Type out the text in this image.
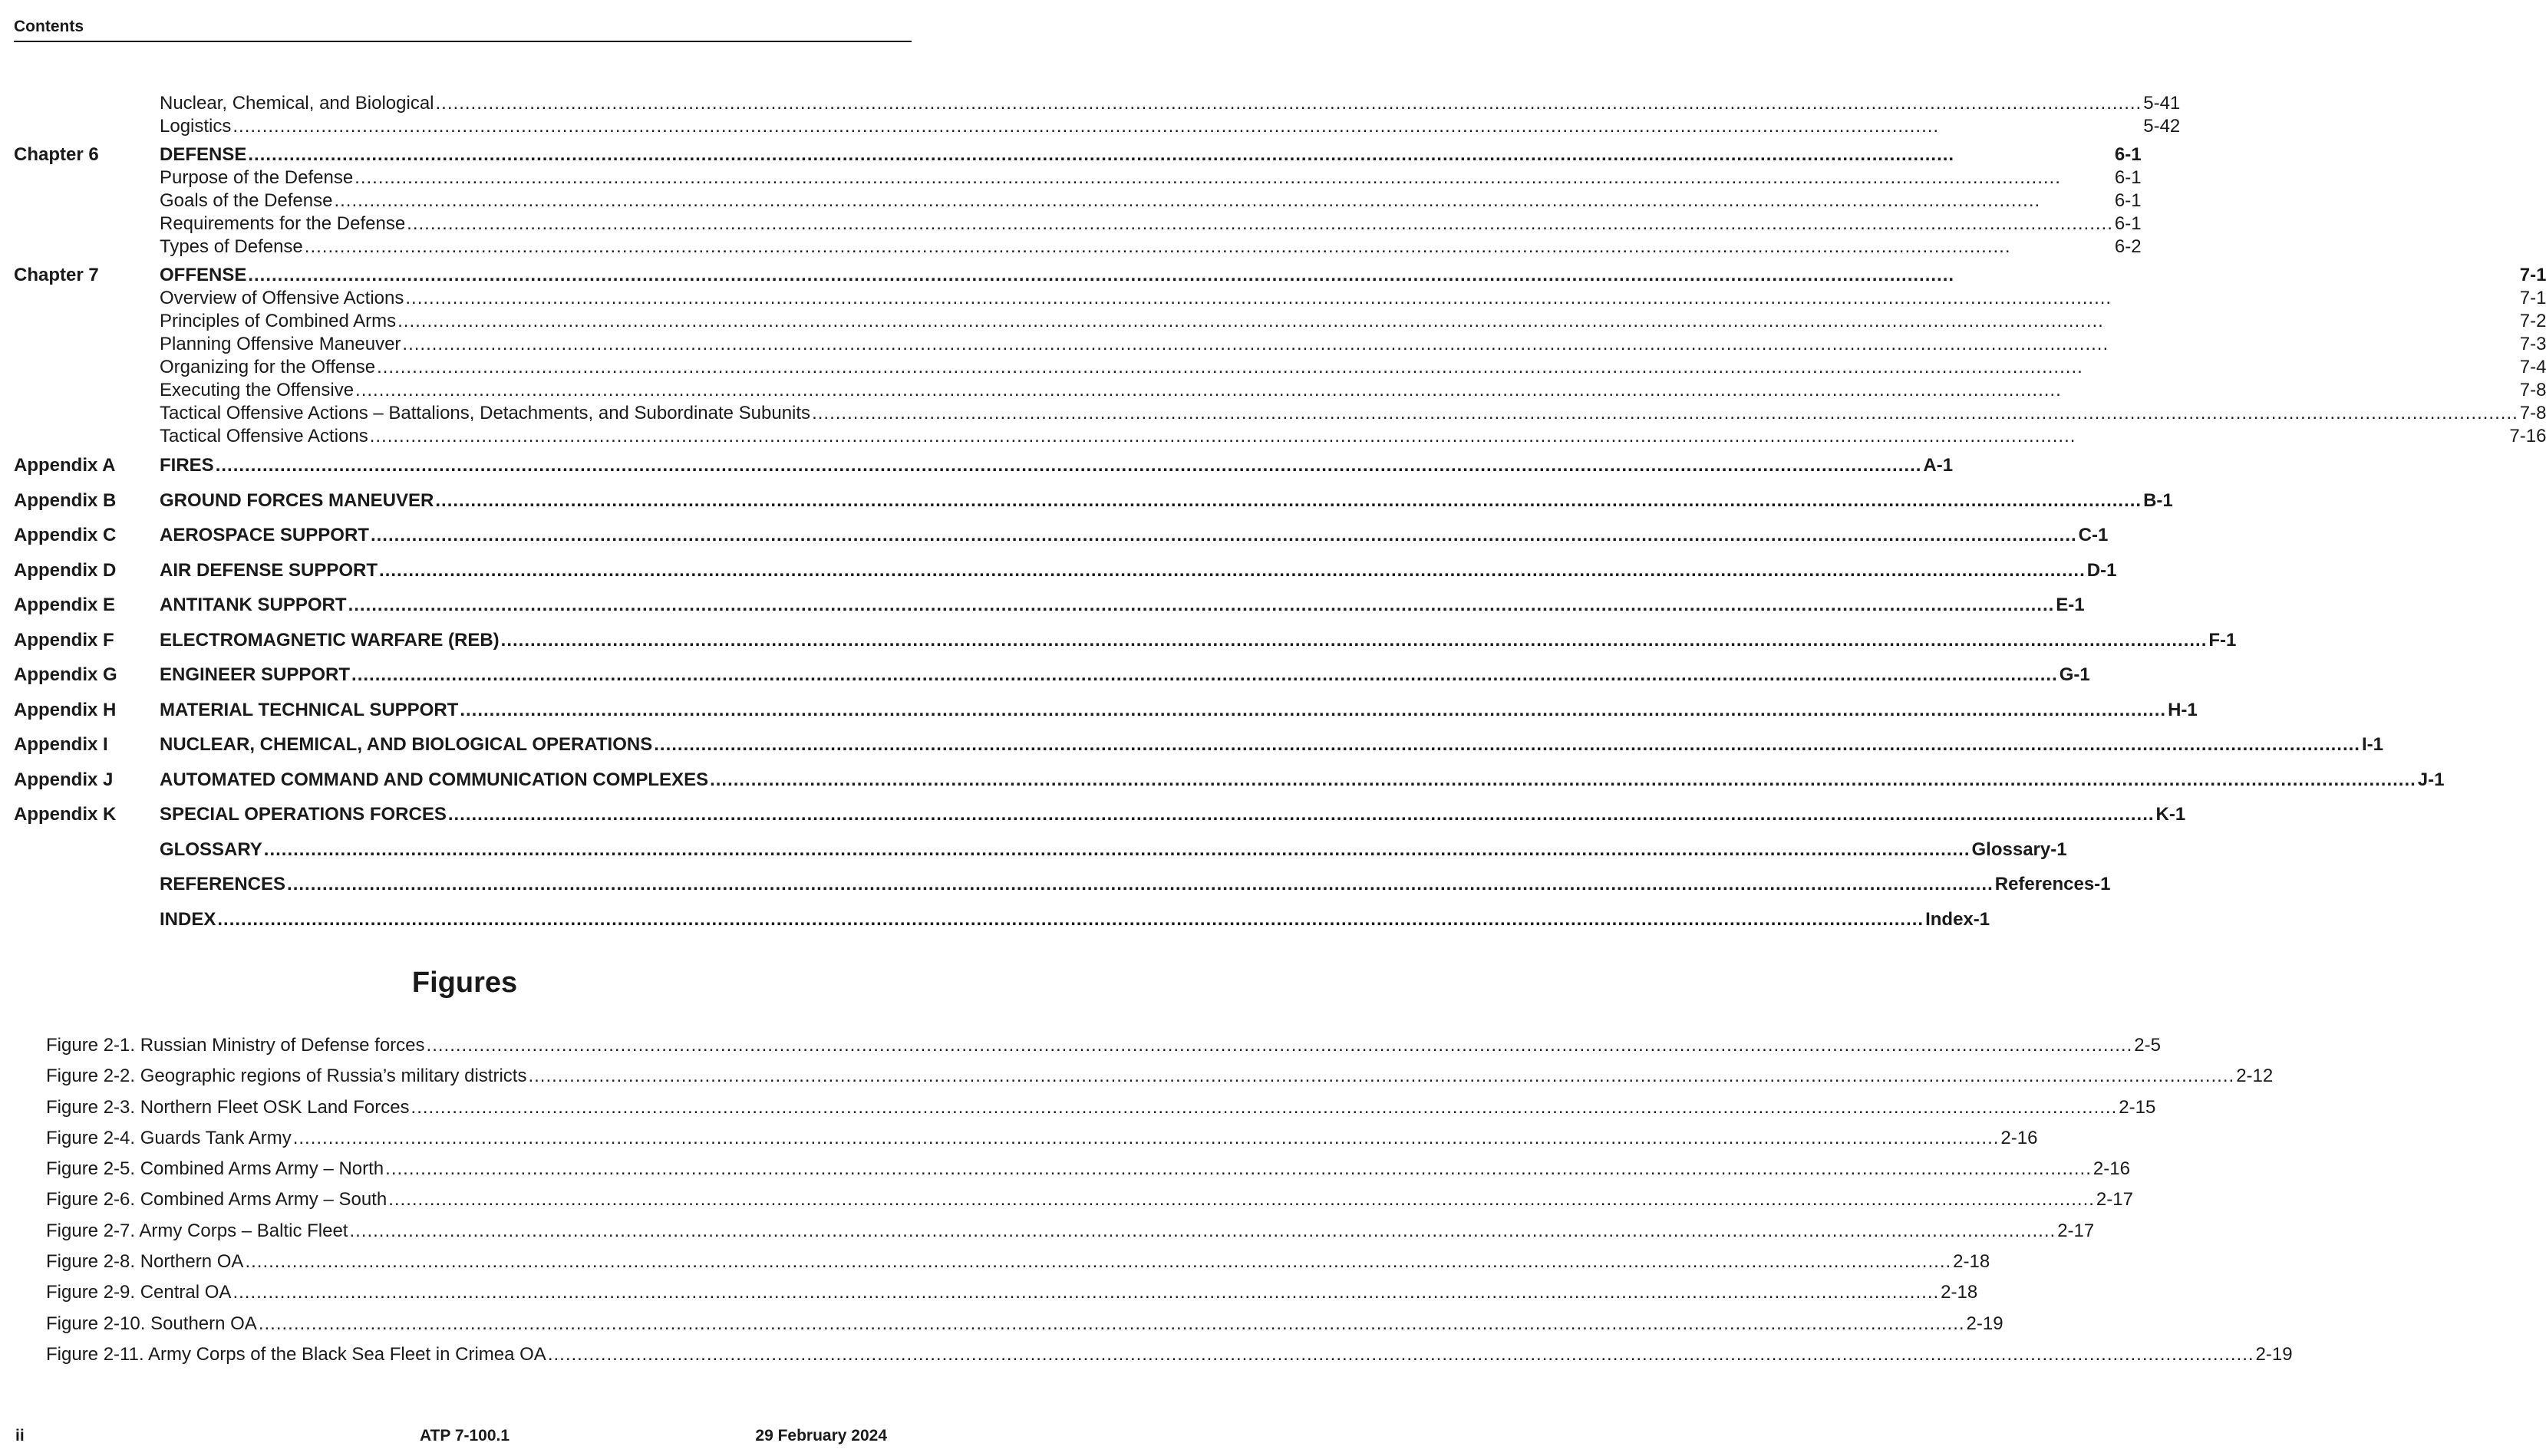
Contents
Nuclear, Chemical, and Biological .....	5-41
Logistics .....	5-42
Chapter 6	DEFENSE .....	6-1
Purpose of the Defense .....	6-1
Goals of the Defense .....	6-1
Requirements for the Defense .....	6-1
Types of Defense .....	6-2
Chapter 7	OFFENSE .....	7-1
Overview of Offensive Actions .....	7-1
Principles of Combined Arms .....	7-2
Planning Offensive Maneuver .....	7-3
Organizing for the Offense .....	7-4
Executing the Offensive .....	7-8
Tactical Offensive Actions – Battalions, Detachments, and Subordinate Subunits .....	7-8
Tactical Offensive Actions .....	7-16
Appendix A	FIRES .....	A-1
Appendix B	GROUND FORCES MANEUVER .....	B-1
Appendix C	AEROSPACE SUPPORT .....	C-1
Appendix D	AIR DEFENSE SUPPORT .....	D-1
Appendix E	ANTITANK SUPPORT .....	E-1
Appendix F	ELECTROMAGNETIC WARFARE (REB) .....	F-1
Appendix G	ENGINEER SUPPORT .....	G-1
Appendix H	MATERIAL TECHNICAL SUPPORT .....	H-1
Appendix I	NUCLEAR, CHEMICAL, AND BIOLOGICAL OPERATIONS .....	I-1
Appendix J	AUTOMATED COMMAND AND COMMUNICATION COMPLEXES .....	J-1
Appendix K	SPECIAL OPERATIONS FORCES .....	K-1
GLOSSARY .....	Glossary-1
REFERENCES .....	References-1
INDEX .....	Index-1
Figures
Figure 2-1. Russian Ministry of Defense forces .....	2-5
Figure 2-2. Geographic regions of Russia’s military districts .....	2-12
Figure 2-3. Northern Fleet OSK Land Forces .....	2-15
Figure 2-4. Guards Tank Army .....	2-16
Figure 2-5. Combined Arms Army – North .....	2-16
Figure 2-6. Combined Arms Army – South .....	2-17
Figure 2-7. Army Corps – Baltic Fleet .....	2-17
Figure 2-8. Northern OA .....	2-18
Figure 2-9. Central OA .....	2-18
Figure 2-10. Southern OA .....	2-19
Figure 2-11. Army Corps of the Black Sea Fleet in Crimea OA .....	2-19
ii	ATP 7-100.1	29 February 2024
